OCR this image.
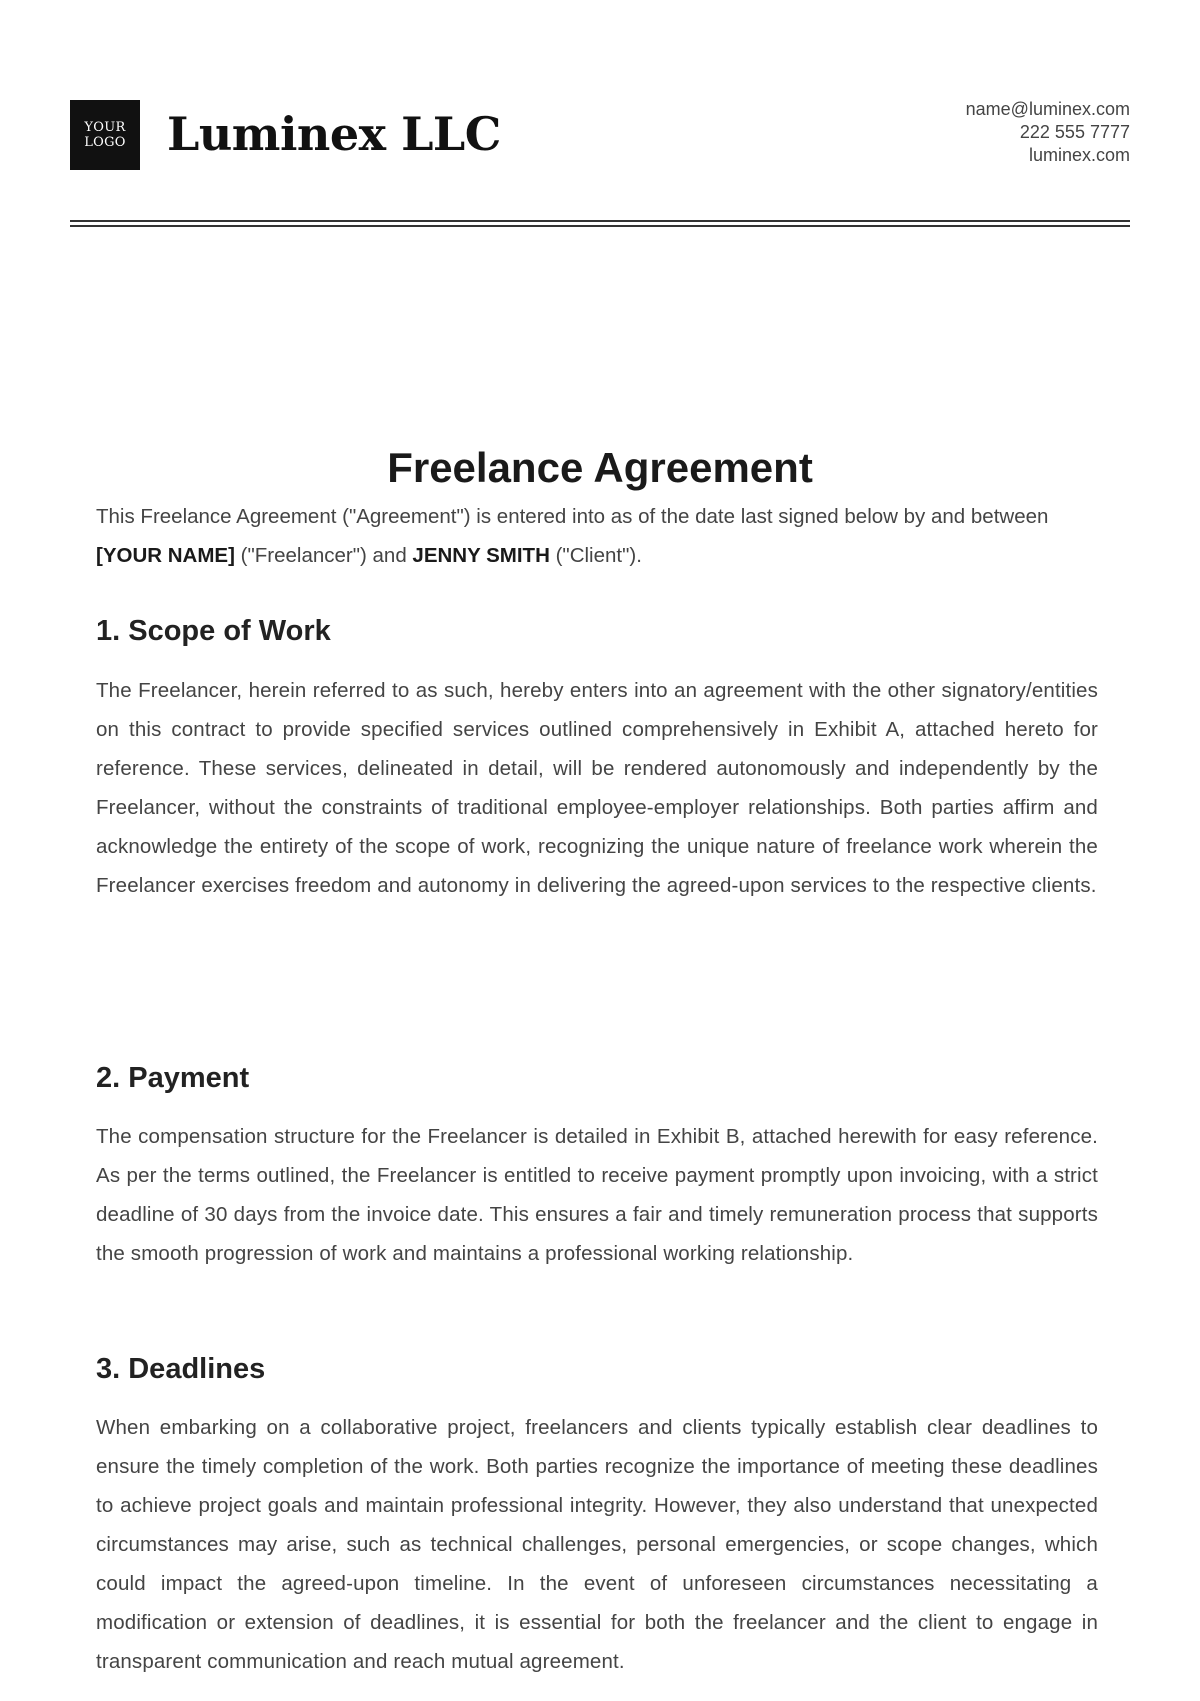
YOUR
LOGO Luminex LLC	name@luminex.com
222 555 7777
luminex.com
Freelance Agreement
This Freelance Agreement ("Agreement") is entered into as of the date last signed below by and between [YOUR NAME] ("Freelancer") and JENNY SMITH ("Client").
1. Scope of Work
The Freelancer, herein referred to as such, hereby enters into an agreement with the other signatory/entities on this contract to provide specified services outlined comprehensively in Exhibit A, attached hereto for reference. These services, delineated in detail, will be rendered autonomously and independently by the Freelancer, without the constraints of traditional employee-employer relationships. Both parties affirm and acknowledge the entirety of the scope of work, recognizing the unique nature of freelance work wherein the Freelancer exercises freedom and autonomy in delivering the agreed-upon services to the respective clients.
2. Payment
The compensation structure for the Freelancer is detailed in Exhibit B, attached herewith for easy reference. As per the terms outlined, the Freelancer is entitled to receive payment promptly upon invoicing, with a strict deadline of 30 days from the invoice date. This ensures a fair and timely remuneration process that supports the smooth progression of work and maintains a professional working relationship.
3. Deadlines
When embarking on a collaborative project, freelancers and clients typically establish clear deadlines to ensure the timely completion of the work. Both parties recognize the importance of meeting these deadlines to achieve project goals and maintain professional integrity. However, they also understand that unexpected circumstances may arise, such as technical challenges, personal emergencies, or scope changes, which could impact the agreed-upon timeline. In the event of unforeseen circumstances necessitating a modification or extension of deadlines, it is essential for both the freelancer and the client to engage in transparent communication and reach mutual agreement.
